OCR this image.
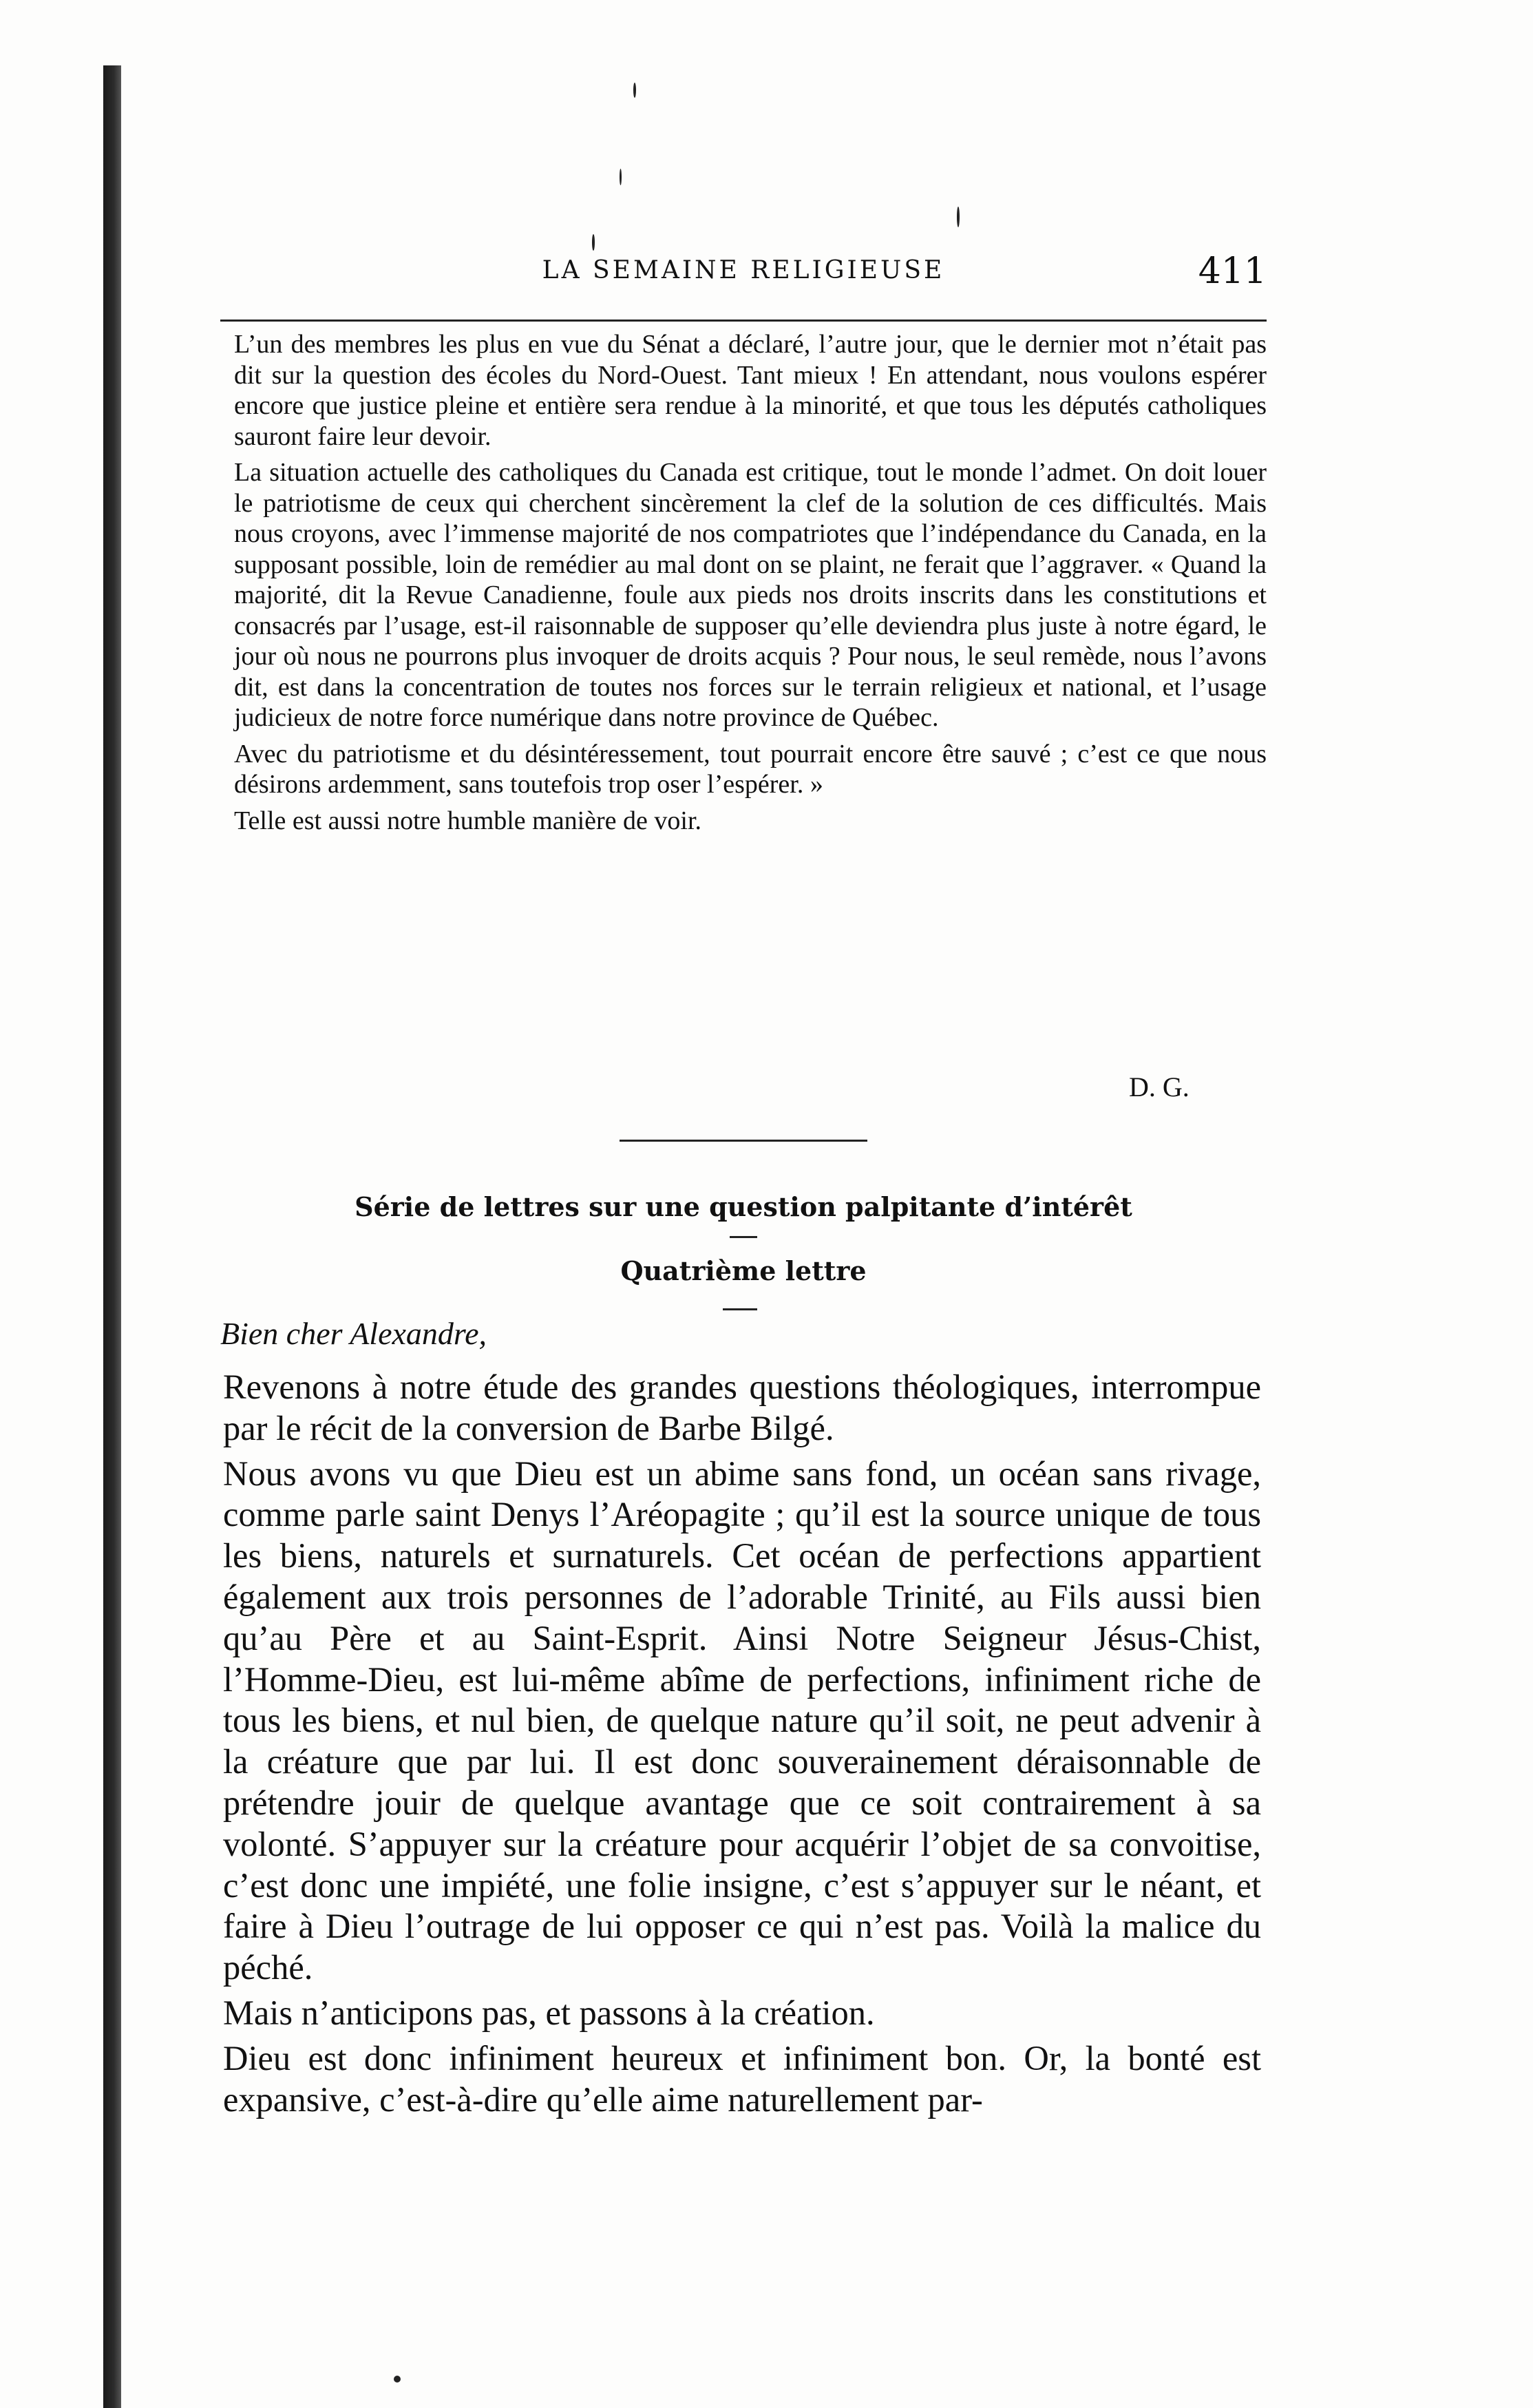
LA SEMAINE RELIGIEUSE	411

L’un des membres les plus en vue du Sénat a déclaré, l’autre jour, que le dernier mot n’était pas dit sur la question des écoles du Nord-Ouest. Tant mieux ! En attendant, nous voulons espérer encore que justice pleine et entière sera rendue à la minorité, et que tous les députés catholiques sauront faire leur devoir.

La situation actuelle des catholiques du Canada est critique, tout le monde l’admet. On doit louer le patriotisme de ceux qui cherchent sincèrement la clef de la solution de ces difficultés. Mais nous croyons, avec l’immense majorité de nos compatriotes que l’indépendance du Canada, en la supposant possible, loin de remédier au mal dont on se plaint, ne ferait que l’aggraver. « Quand la majorité, dit la Revue Canadienne, foule aux pieds nos droits inscrits dans les constitutions et consacrés par l’usage, est-il raisonnable de supposer qu’elle deviendra plus juste à notre égard, le jour où nous ne pourrons plus invoquer de droits acquis ? Pour nous, le seul remède, nous l’avons dit, est dans la concentration de toutes nos forces sur le terrain religieux et national, et l’usage judicieux de notre force numérique dans notre province de Québec.

Avec du patriotisme et du désintéressement, tout pourrait encore être sauvé ; c’est ce que nous désirons ardemment, sans toutefois trop oser l’espérer. »

Telle est aussi notre humble manière de voir.

D. G.
Série de lettres sur une question palpitante d’intérêt
Quatrième lettre
Bien cher Alexandre,

Revenons à notre étude des grandes questions théologiques, interrompue par le récit de la conversion de Barbe Bilgé.

Nous avons vu que Dieu est un abime sans fond, un océan sans rivage, comme parle saint Denys l’Aréopagite ; qu’il est la source unique de tous les biens, naturels et surnaturels. Cet océan de perfections appartient également aux trois personnes de l’adorable Trinité, au Fils aussi bien qu’au Père et au Saint-Esprit. Ainsi Notre Seigneur Jésus-Chist, l’Homme-Dieu, est lui-même abîme de perfections, infiniment riche de tous les biens, et nul bien, de quelque nature qu’il soit, ne peut advenir à la créature que par lui. Il est donc souverainement déraisonnable de prétendre jouir de quelque avantage que ce soit contrairement à sa volonté. S’appuyer sur la créature pour acquérir l’objet de sa convoitise, c’est donc une impiété, une folie insigne, c’est s’appuyer sur le néant, et faire à Dieu l’outrage de lui opposer ce qui n’est pas. Voilà la malice du péché.

Mais n’anticipons pas, et passons à la création.

Dieu est donc infiniment heureux et infiniment bon. Or, la bonté est expansive, c’est-à-dire qu’elle aime naturellement par-
